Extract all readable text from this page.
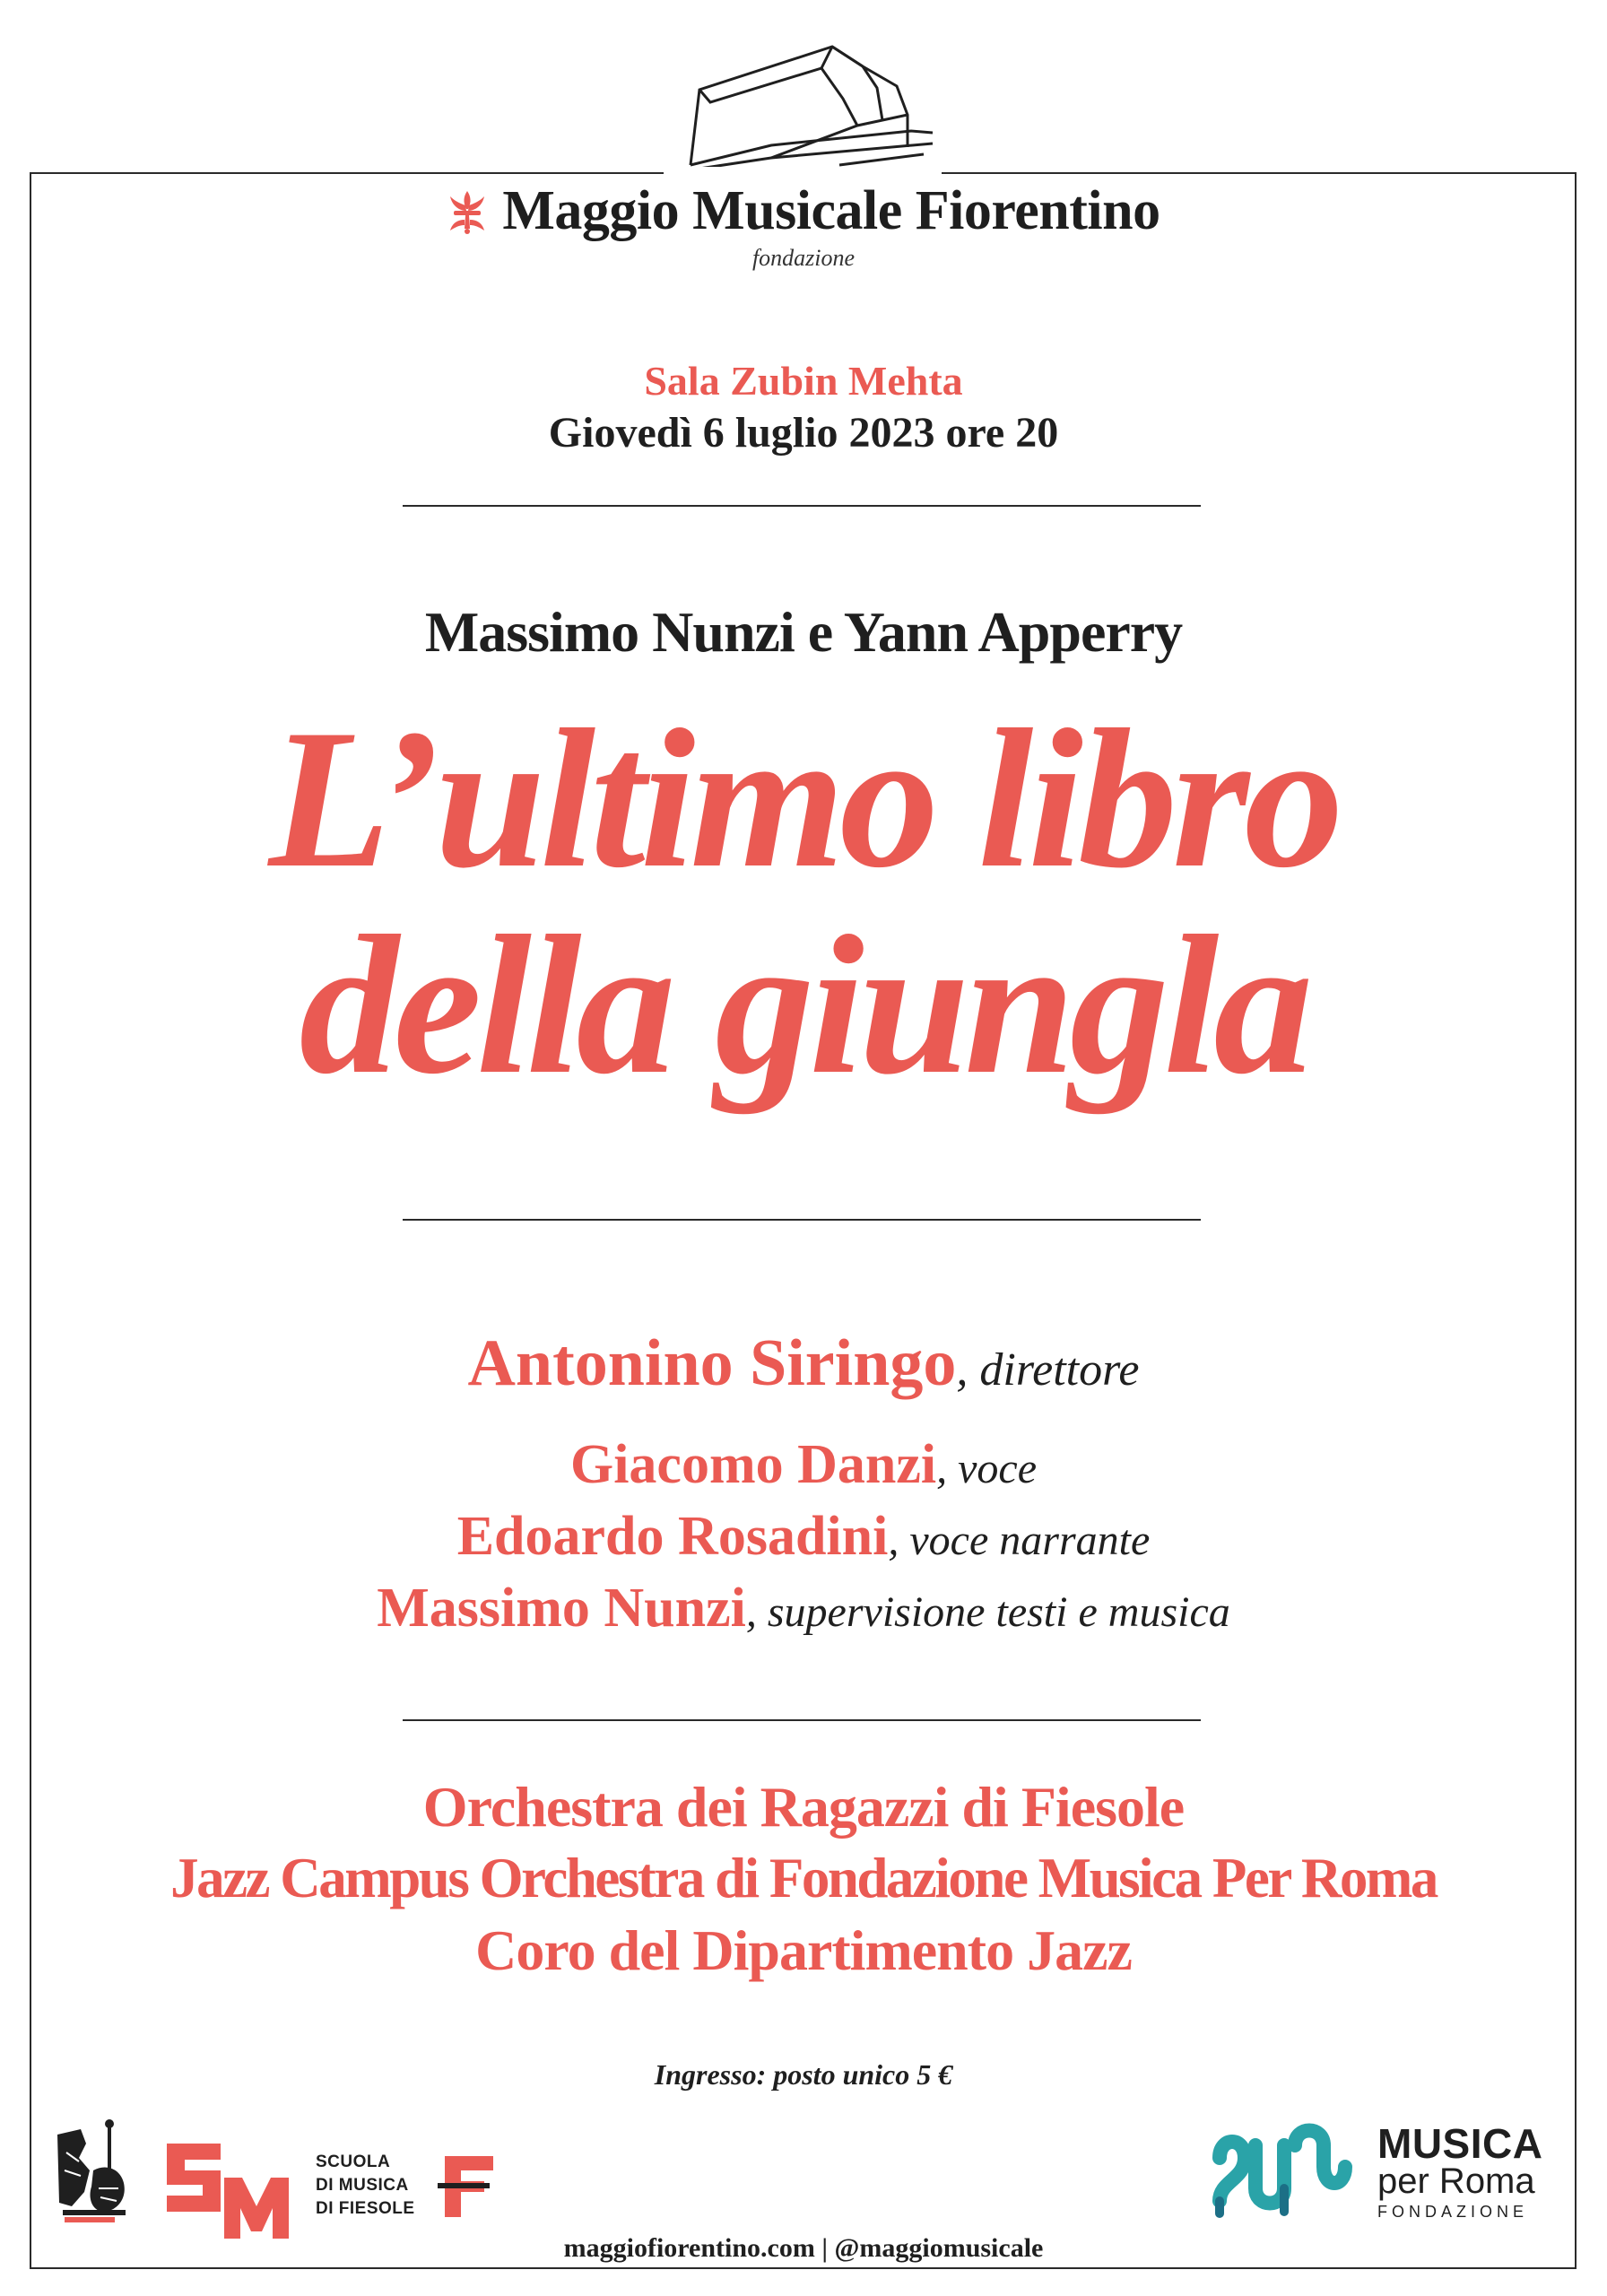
Maggio Musicale Fiorentino
fondazione
Sala Zubin Mehta
Giovedì 6 luglio 2023 ore 20
Massimo Nunzi e Yann Apperry
L’ultimo libro
della giungla
Antonino Siringo, direttore
Giacomo Danzi, voce
Edoardo Rosadini, voce narrante
Massimo Nunzi, supervisione testi e musica
Orchestra dei Ragazzi di Fiesole
Jazz Campus Orchestra di Fondazione Musica Per Roma
Coro del Dipartimento Jazz
Ingresso: posto unico 5 €
SCUOLA
DI MUSICA
DI FIESOLE
MUSICA
per Roma
FONDAZIONE
maggiofiorentino.com | @maggiomusicale
